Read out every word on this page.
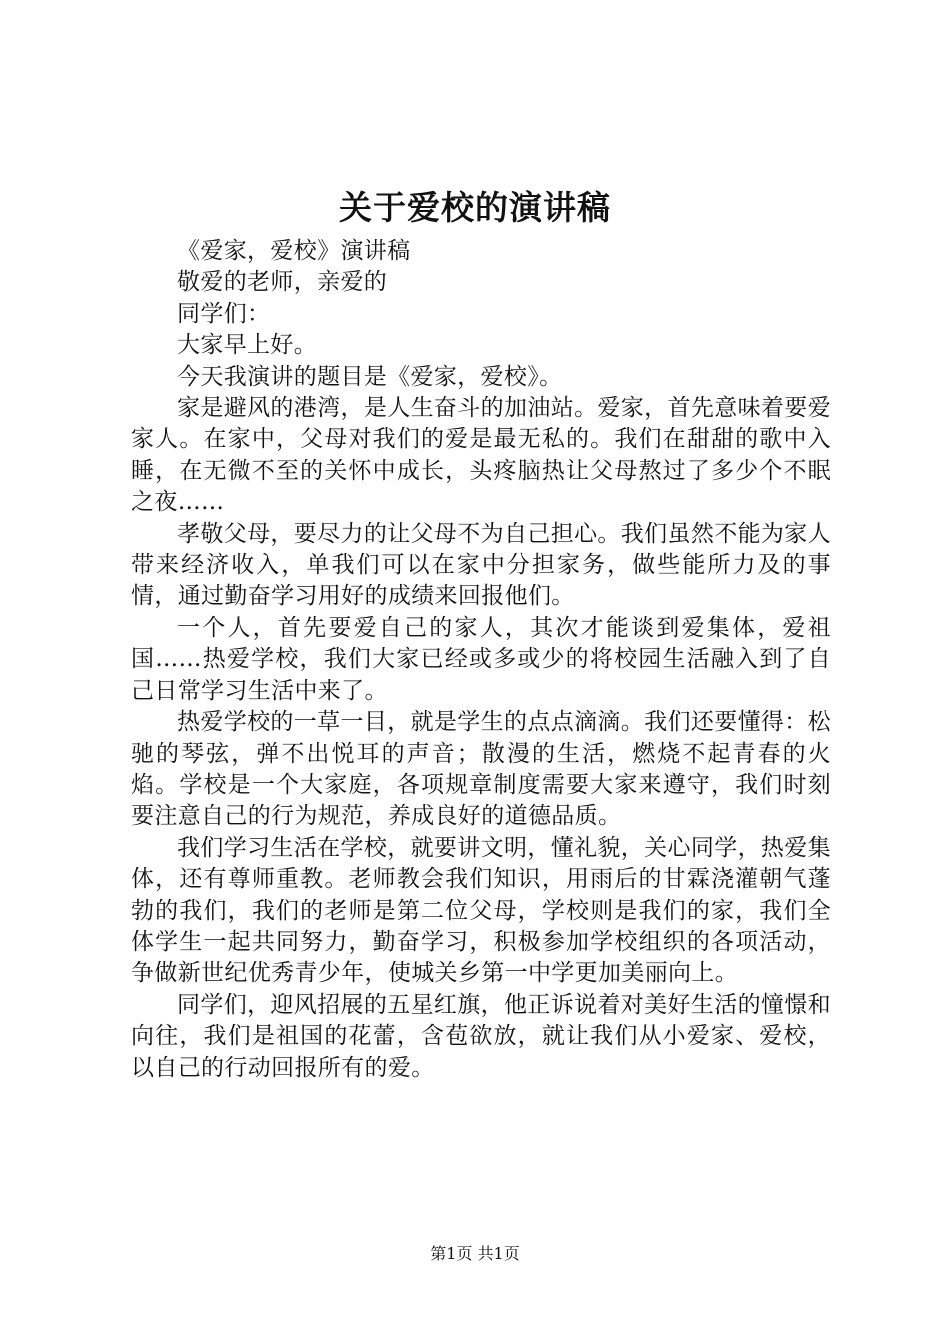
关于爱校的演讲稿

《爱家，爱校》演讲稿

敬爱的老师，亲爱的

同学们：

大家早上好。

今天我演讲的题目是《爱家，爱校》。

家是避风的港湾，是人生奋斗的加油站。爱家，首先意味着要爱家人。在家中，父母对我们的爱是最无私的。我们在甜甜的歌中入睡，在无微不至的关怀中成长，头疼脑热让父母熬过了多少个不眠之夜……

孝敬父母，要尽力的让父母不为自己担心。我们虽然不能为家人带来经济收入，单我们可以在家中分担家务，做些能所力及的事情，通过勤奋学习用好的成绩来回报他们。

一个人，首先要爱自己的家人，其次才能谈到爱集体，爱祖国……热爱学校，我们大家已经或多或少的将校园生活融入到了自己日常学习生活中来了。

热爱学校的一草一目，就是学生的点点滴滴。我们还要懂得：松驰的琴弦，弹不出悦耳的声音；散漫的生活，燃烧不起青春的火焰。学校是一个大家庭，各项规章制度需要大家来遵守，我们时刻要注意自己的行为规范，养成良好的道德品质。

我们学习生活在学校，就要讲文明，懂礼貌，关心同学，热爱集体，还有尊师重教。老师教会我们知识，用雨后的甘霖浇灌朝气蓬勃的我们，我们的老师是第二位父母，学校则是我们的家，我们全体学生一起共同努力，勤奋学习，积极参加学校组织的各项活动，争做新世纪优秀青少年，使城关乡第一中学更加美丽向上。

同学们，迎风招展的五星红旗，他正诉说着对美好生活的憧憬和向往，我们是祖国的花蕾，含苞欲放，就让我们从小爱家、爱校，以自己的行动回报所有的爱。

第1页 共1页
